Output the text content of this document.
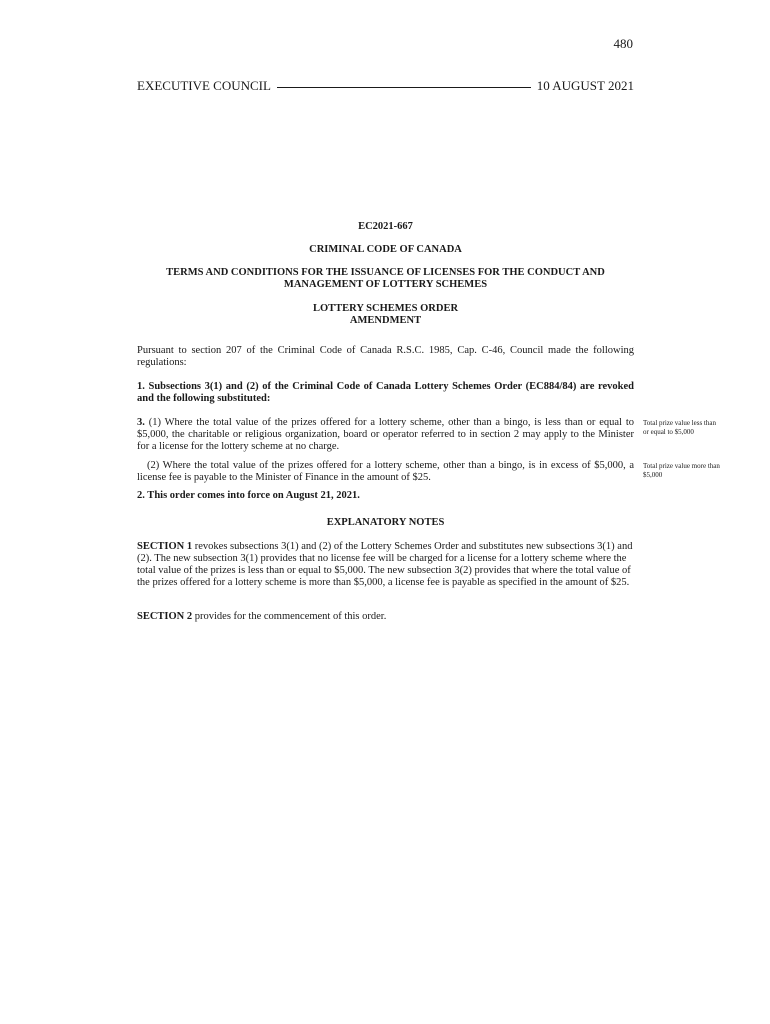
480
EXECUTIVE COUNCIL	10 AUGUST 2021
EC2021-667
CRIMINAL CODE OF CANADA
TERMS AND CONDITIONS FOR THE ISSUANCE OF LICENSES FOR THE CONDUCT AND MANAGEMENT OF LOTTERY SCHEMES
LOTTERY SCHEMES ORDER
AMENDMENT
Pursuant to section 207 of the Criminal Code of Canada R.S.C. 1985, Cap. C-46, Council made the following regulations:
1. Subsections 3(1) and (2) of the Criminal Code of Canada Lottery Schemes Order (EC884/84) are revoked and the following substituted:
3. (1) Where the total value of the prizes offered for a lottery scheme, other than a bingo, is less than or equal to $5,000, the charitable or religious organization, board or operator referred to in section 2 may apply to the Minister for a license for the lottery scheme at no charge.
Total prize value less than or equal to $5,000
(2) Where the total value of the prizes offered for a lottery scheme, other than a bingo, is in excess of $5,000, a license fee is payable to the Minister of Finance in the amount of $25.
Total prize value more than $5,000
2. This order comes into force on August 21, 2021.
EXPLANATORY NOTES
SECTION 1 revokes subsections 3(1) and (2) of the Lottery Schemes Order and substitutes new subsections 3(1) and (2). The new subsection 3(1) provides that no license fee will be charged for a license for a lottery scheme where the total value of the prizes is less than or equal to $5,000. The new subsection 3(2) provides that where the total value of the prizes offered for a lottery scheme is more than $5,000, a license fee is payable as specified in the amount of $25.
SECTION 2 provides for the commencement of this order.
